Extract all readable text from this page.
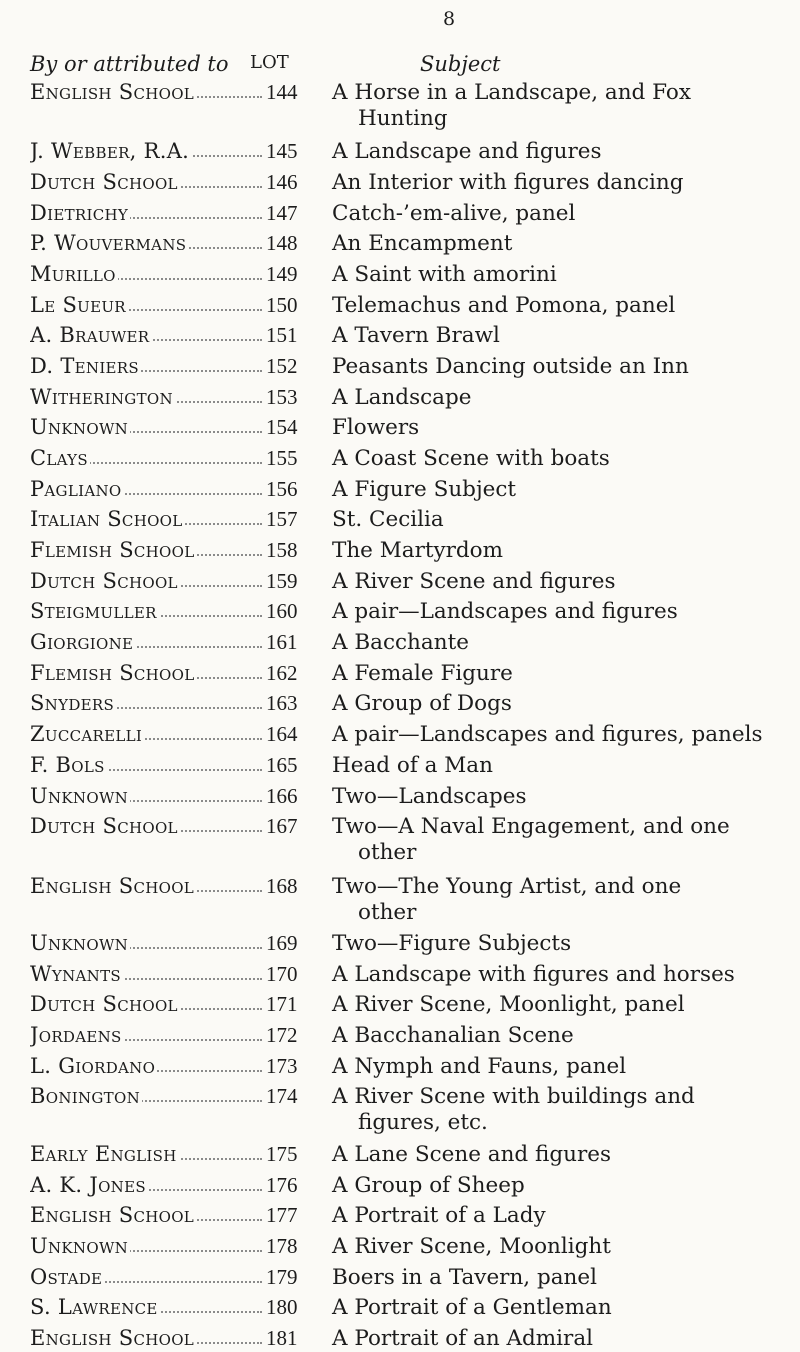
8
By or attributed to LOT	Subject
English School	144	A Horse in a Landscape, and Fox
Hunting
J. Webber, R.A.	145	A Landscape and figures
Dutch School	146	An Interior with figures dancing
Dietrichy	147	Catch-’em-alive, panel
P. Wouvermans	148	An Encampment
Murillo	149	A Saint with amorini
Le Sueur	150	Telemachus and Pomona, panel
A. Brauwer	151	A Tavern Brawl
D. Teniers	152	Peasants Dancing outside an Inn
Witherington	153	A Landscape
Unknown	154	Flowers
Clays	155	A Coast Scene with boats
Pagliano	156	A Figure Subject
Italian School	157	St. Cecilia
Flemish School	158	The Martyrdom
Dutch School	159	A River Scene and figures
Steigmuller	160	A pair—Landscapes and figures
Giorgione	161	A Bacchante
Flemish School	162	A Female Figure
Snyders	163	A Group of Dogs
Zuccarelli	164	A pair—Landscapes and figures, panels
F. Bols	165	Head of a Man
Unknown	166	Two—Landscapes
Dutch School	167	Two—A Naval Engagement, and one
other
English School	168	Two—The Young Artist, and one
other
Unknown	169	Two—Figure Subjects
Wynants	170	A Landscape with figures and horses
Dutch School	171	A River Scene, Moonlight, panel
Jordaens	172	A Bacchanalian Scene
L. Giordano	173	A Nymph and Fauns, panel
Bonington	174	A River Scene with buildings and
figures, etc.
Early English	175	A Lane Scene and figures
A. K. Jones	176	A Group of Sheep
English School	177	A Portrait of a Lady
Unknown	178	A River Scene, Moonlight
Ostade	179	Boers in a Tavern, panel
S. Lawrence	180	A Portrait of a Gentleman
English School	181	A Portrait of an Admiral
